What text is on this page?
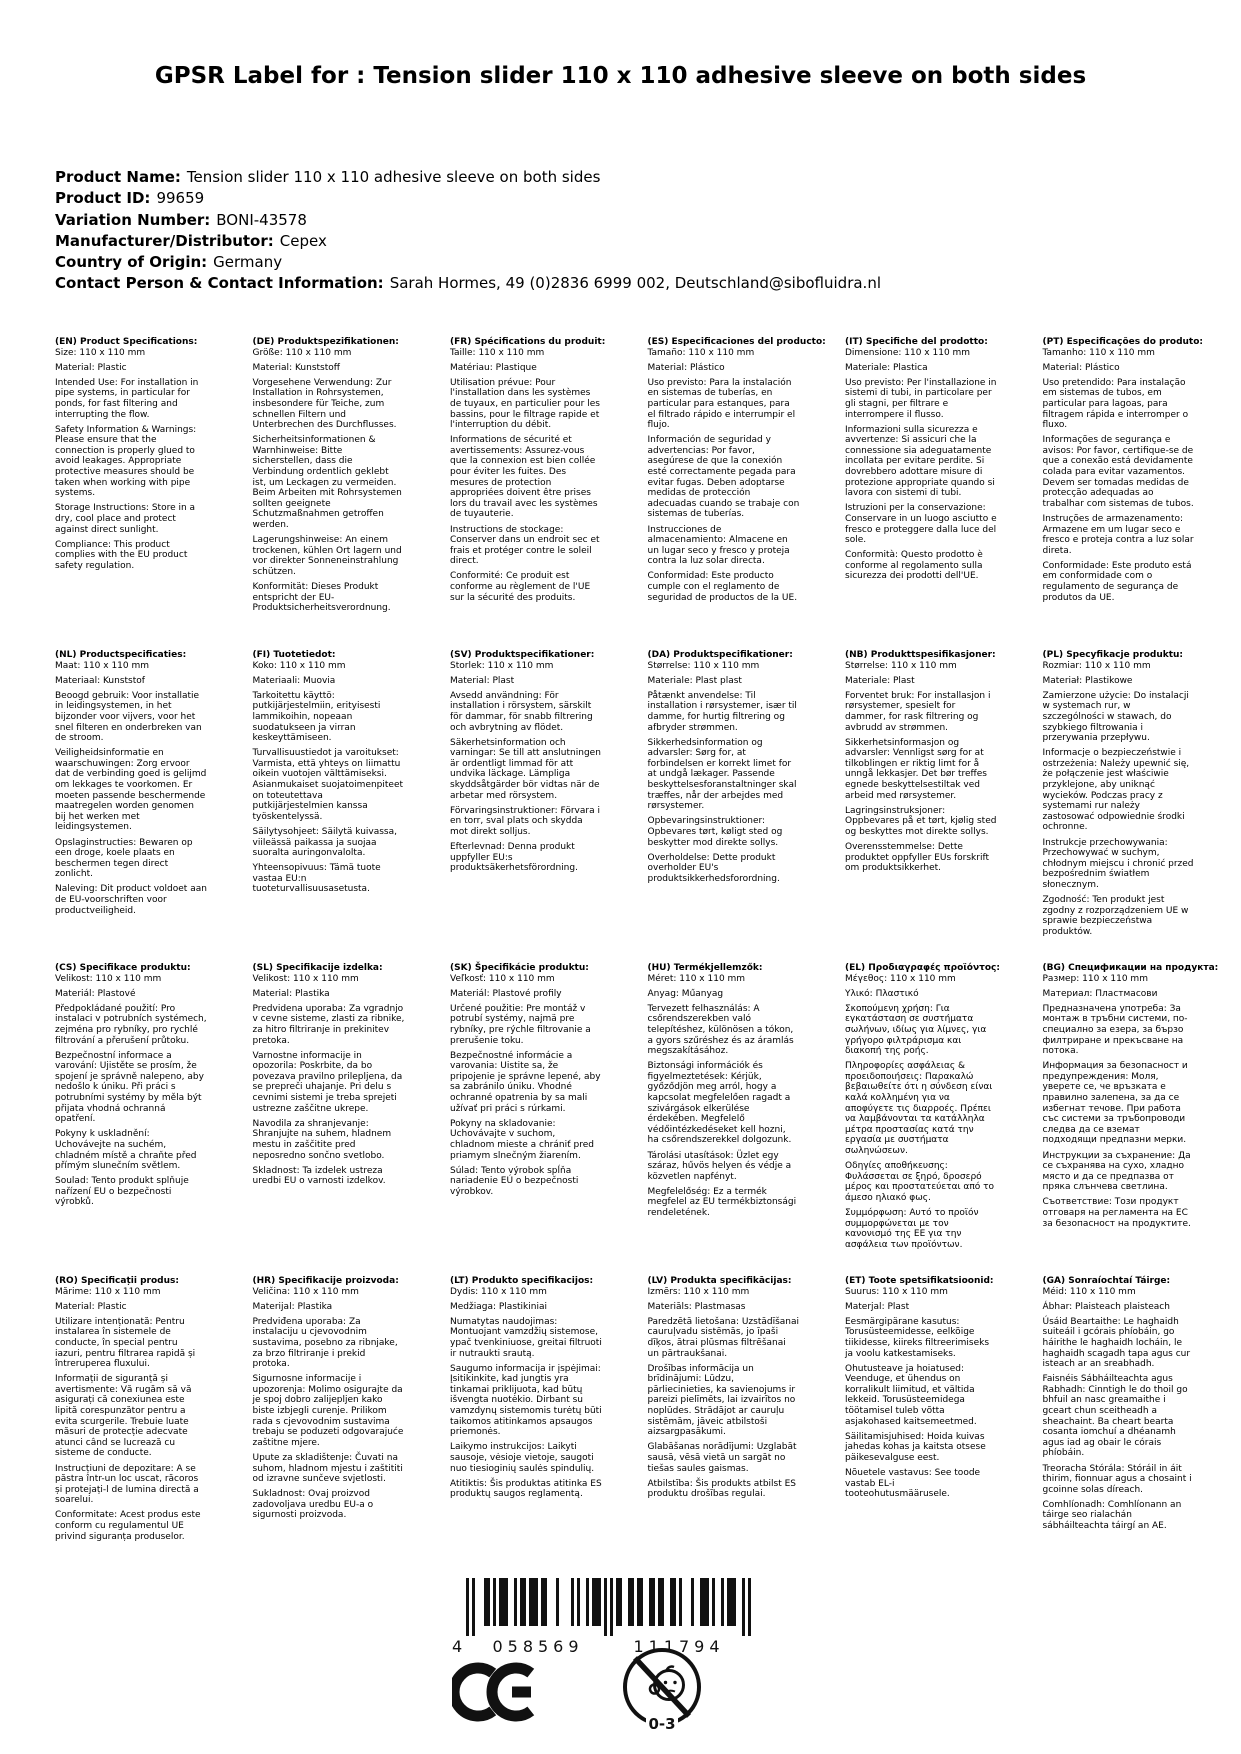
GPSR Label for : Tension slider 110 x 110 adhesive sleeve on both sides
Product Name: Tension slider 110 x 110 adhesive sleeve on both sides
Product ID: 99659
Variation Number: BONI-43578
Manufacturer/Distributor: Cepex
Country of Origin: Germany
Contact Person & Contact Information: Sarah Hormes, 49 (0)2836 6999 002, Deutschland@sibofluidra.nl
(EN) Product Specifications:

Size: 110 x 110 mm

Material: Plastic

Intended Use: For installation in pipe systems, in particular for ponds, for fast filtering and interrupting the flow.

Safety Information & Warnings: Please ensure that the connection is properly glued to avoid leakages. Appropriate protective measures should be taken when working with pipe systems.

Storage Instructions: Store in a dry, cool place and protect against direct sunlight.

Compliance: This product complies with the EU product safety regulation.

(DE) Produktspezifikationen:

Größe: 110 x 110 mm

Material: Kunststoff

Vorgesehene Verwendung: Zur Installation in Rohrsystemen, insbesondere für Teiche, zum schnellen Filtern und Unterbrechen des Durchflusses.

Sicherheitsinformationen & Warnhinweise: Bitte sicherstellen, dass die Verbindung ordentlich geklebt ist, um Leckagen zu vermeiden. Beim Arbeiten mit Rohrsystemen sollten geeignete Schutzmaßnahmen getroffen werden.

Lagerungshinweise: An einem trockenen, kühlen Ort lagern und vor direkter Sonneneinstrahlung schützen.

Konformität: Dieses Produkt entspricht der EU-Produktsicherheitsverordnung.

(FR) Spécifications du produit:

Taille: 110 x 110 mm

Matériau: Plastique

Utilisation prévue: Pour l'installation dans les systèmes de tuyaux, en particulier pour les bassins, pour le filtrage rapide et l'interruption du débit.

Informations de sécurité et avertissements: Assurez-vous que la connexion est bien collée pour éviter les fuites. Des mesures de protection appropriées doivent être prises lors du travail avec les systèmes de tuyauterie.

Instructions de stockage: Conserver dans un endroit sec et frais et protéger contre le soleil direct.

Conformité: Ce produit est conforme au règlement de l'UE sur la sécurité des produits.

(ES) Especificaciones del producto:

Tamaño: 110 x 110 mm

Material: Plástico

Uso previsto: Para la instalación en sistemas de tuberías, en particular para estanques, para el filtrado rápido e interrumpir el flujo.

Información de seguridad y advertencias: Por favor, asegúrese de que la conexión esté correctamente pegada para evitar fugas. Deben adoptarse medidas de protección adecuadas cuando se trabaje con sistemas de tuberías.

Instrucciones de almacenamiento: Almacene en un lugar seco y fresco y proteja contra la luz solar directa.

Conformidad: Este producto cumple con el reglamento de seguridad de productos de la UE.

(IT) Specifiche del prodotto:

Dimensione: 110 x 110 mm

Materiale: Plastica

Uso previsto: Per l'installazione in sistemi di tubi, in particolare per gli stagni, per filtrare e interrompere il flusso.

Informazioni sulla sicurezza e avvertenze: Si assicuri che la connessione sia adeguatamente incollata per evitare perdite. Si dovrebbero adottare misure di protezione appropriate quando si lavora con sistemi di tubi.

Istruzioni per la conservazione: Conservare in un luogo asciutto e fresco e proteggere dalla luce del sole.

Conformità: Questo prodotto è conforme al regolamento sulla sicurezza dei prodotti dell'UE.

(PT) Especificações do produto:

Tamanho: 110 x 110 mm

Material: Plástico

Uso pretendido: Para instalação em sistemas de tubos, em particular para lagoas, para filtragem rápida e interromper o fluxo.

Informações de segurança e avisos: Por favor, certifique-se de que a conexão está devidamente colada para evitar vazamentos. Devem ser tomadas medidas de protecção adequadas ao trabalhar com sistemas de tubos.

Instruções de armazenamento: Armazene em um lugar seco e fresco e proteja contra a luz solar direta.

Conformidade: Este produto está em conformidade com o regulamento de segurança de produtos da UE.

(NL) Productspecificaties:

Maat: 110 x 110 mm

Materiaal: Kunststof

Beoogd gebruik: Voor installatie in leidingsystemen, in het bijzonder voor vijvers, voor het snel filteren en onderbreken van de stroom.

Veiligheidsinformatie en waarschuwingen: Zorg ervoor dat de verbinding goed is gelijmd om lekkages te voorkomen. Er moeten passende beschermende maatregelen worden genomen bij het werken met leidingsystemen.

Opslaginstructies: Bewaren op een droge, koele plaats en beschermen tegen direct zonlicht.

Naleving: Dit product voldoet aan de EU-voorschriften voor productveiligheid.

(FI) Tuotetiedot:

Koko: 110 x 110 mm

Materiaali: Muovia

Tarkoitettu käyttö: putkijärjestelmiin, erityisesti lammikoihin, nopeaan suodatukseen ja virran keskeyttämiseen.

Turvallisuustiedot ja varoitukset: Varmista, että yhteys on liimattu oikein vuotojen välttämiseksi. Asianmukaiset suojatoimenpiteet on toteutettava putkijärjestelmien kanssa työskentelyssä.

Säilytysohjeet: Säilytä kuivassa, viileässä paikassa ja suojaa suoralta auringonvalolta.

Yhteensopivuus: Tämä tuote vastaa EU:n tuoteturvallisuusasetusta.

(SV) Produktspecifikationer:

Storlek: 110 x 110 mm

Material: Plast

Avsedd användning: För installation i rörsystem, särskilt för dammar, för snabb filtrering och avbrytning av flödet.

Säkerhetsinformation och varningar: Se till att anslutningen är ordentligt limmad för att undvika läckage. Lämpliga skyddsåtgärder bör vidtas när de arbetar med rörsystem.

Förvaringsinstruktioner: Förvara i en torr, sval plats och skydda mot direkt solljus.

Efterlevnad: Denna produkt uppfyller EU:s produktsäkerhetsförordning.

(DA) Produktspecifikationer:

Størrelse: 110 x 110 mm

Materiale: Plast plast

Påtænkt anvendelse: Til installation i rørsystemer, især til damme, for hurtig filtrering og afbryder strømmen.

Sikkerhedsinformation og advarsler: Sørg for, at forbindelsen er korrekt limet for at undgå lækager. Passende beskyttelsesforanstaltninger skal træffes, når der arbejdes med rørsystemer.

Opbevaringsinstruktioner: Opbevares tørt, køligt sted og beskytter mod direkte sollys.

Overholdelse: Dette produkt overholder EU's produktsikkerhedsforordning.

(NB) Produkttspesifikasjoner:

Størrelse: 110 x 110 mm

Materiale: Plast

Forventet bruk: For installasjon i rørsystemer, spesielt for dammer, for rask filtrering og avbrudd av strømmen.

Sikkerhetsinformasjon og advarsler: Vennligst sørg for at tilkoblingen er riktig limt for å unngå lekkasjer. Det bør treffes egnede beskyttelsestiltak ved arbeid med rørsystemer.

Lagringsinstruksjoner: Oppbevares på et tørt, kjølig sted og beskyttes mot direkte sollys.

Overensstemmelse: Dette produktet oppfyller EUs forskrift om produktsikkerhet.

(PL) Specyfikacje produktu:

Rozmiar: 110 x 110 mm

Materiał: Plastikowe

Zamierzone użycie: Do instalacji w systemach rur, w szczególności w stawach, do szybkiego filtrowania i przerywania przepływu.

Informacje o bezpieczeństwie i ostrzeżenia: Należy upewnić się, że połączenie jest właściwie przyklejone, aby uniknąć wycieków. Podczas pracy z systemami rur należy zastosować odpowiednie środki ochronne.

Instrukcje przechowywania: Przechowywać w suchym, chłodnym miejscu i chronić przed bezpośrednim światłem słonecznym.

Zgodność: Ten produkt jest zgodny z rozporządzeniem UE w sprawie bezpieczeństwa produktów.

(CS) Specifikace produktu:

Velikost: 110 x 110 mm

Materiál: Plastové

Předpokládané použití: Pro instalaci v potrubních systémech, zejména pro rybníky, pro rychlé filtrování a přerušení průtoku.

Bezpečnostní informace a varování: Ujistěte se prosím, že spojení je správně nalepeno, aby nedošlo k úniku. Při práci s potrubními systémy by měla být přijata vhodná ochranná opatření.

Pokyny k uskladnění: Uchovávejte na suchém, chladném místě a chraňte před přímým slunečním světlem.

Soulad: Tento produkt splňuje nařízení EU o bezpečnosti výrobků.

(SL) Specifikacije izdelka:

Velikost: 110 x 110 mm

Material: Plastika

Predvidena uporaba: Za vgradnjo v cevne sisteme, zlasti za ribnike, za hitro filtriranje in prekinitev pretoka.

Varnostne informacije in opozorila: Poskrbite, da bo povezava pravilno prilepljena, da se prepreči uhajanje. Pri delu s cevnimi sistemi je treba sprejeti ustrezne zaščitne ukrepe.

Navodila za shranjevanje: Shranjujte na suhem, hladnem mestu in zaščitite pred neposredno sončno svetlobo.

Skladnost: Ta izdelek ustreza uredbi EU o varnosti izdelkov.

(SK) Špecifikácie produktu:

Veľkosť: 110 x 110 mm

Materiál: Plastové profily

Určené použitie: Pre montáž v potrubí systémy, najmä pre rybníky, pre rýchle filtrovanie a prerušenie toku.

Bezpečnostné informácie a varovania: Uistite sa, že pripojenie je správne lepené, aby sa zabránilo úniku. Vhodné ochranné opatrenia by sa mali užívať pri práci s rúrkami.

Pokyny na skladovanie: Uchovávajte v suchom, chladnom mieste a chrániť pred priamym slnečným žiarením.

Súlad: Tento výrobok spĺňa nariadenie EÚ o bezpečnosti výrobkov.

(HU) Termékjellemzők:

Méret: 110 x 110 mm

Anyag: Műanyag

Tervezett felhasználás: A csőrendszerekben való telepítéshez, különösen a tókon, a gyors szűréshez és az áramlás megszakításához.

Biztonsági információk és figyelmeztetések: Kérjük, győződjön meg arról, hogy a kapcsolat megfelelően ragadt a szivárgások elkerülése érdekében. Megfelelő védőintézkedéseket kell hozni, ha csőrendszerekkel dolgozunk.

Tárolási utasítások: Üzlet egy száraz, hűvös helyen és védje a közvetlen napfényt.

Megfelelőség: Ez a termék megfelel az EU termékbiztonsági rendeletének.

(EL) Προδιαγραφές προϊόντος:

Μέγεθος: 110 x 110 mm

Υλικό: Πλαστικό

Σκοπούμενη χρήση: Για εγκατάσταση σε συστήματα σωλήνων, ιδίως για λίμνες, για γρήγορο φιλτράρισμα και διακοπή της ροής.

Πληροφορίες ασφάλειας & προειδοποιήσεις: Παρακαλώ βεβαιωθείτε ότι η σύνδεση είναι καλά κολλημένη για να αποφύγετε τις διαρροές. Πρέπει να λαμβάνονται τα κατάλληλα μέτρα προστασίας κατά την εργασία με συστήματα σωληνώσεων.

Οδηγίες αποθήκευσης: Φυλάσσεται σε ξηρό, δροσερό μέρος και προστατεύεται από το άμεσο ηλιακό φως.

Συμμόρφωση: Αυτό το προϊόν συμμορφώνεται με τον κανονισμό της ΕΕ για την ασφάλεια των προϊόντων.

(BG) Спецификации на продукта:

Размер: 110 x 110 mm

Материал: Пластмасови

Предназначена употреба: За монтаж в тръбни системи, по-специално за езера, за бързо филтриране и прекъсване на потока.

Информация за безопасност и предупреждения: Моля, уверете се, че връзката е правилно залепена, за да се избегнат течове. При работа със системи за тръбопроводи следва да се вземат подходящи предпазни мерки.

Инструкции за съхранение: Да се съхранява на сухо, хладно място и да се предпазва от пряка слънчева светлина.

Съответствие: Този продукт отговаря на регламента на ЕС за безопасност на продуктите.

(RO) Specificații produs:

Mărime: 110 x 110 mm

Material: Plastic

Utilizare intenționată: Pentru instalarea în sistemele de conducte, în special pentru iazuri, pentru filtrarea rapidă și întreruperea fluxului.

Informații de siguranță și avertismente: Vă rugăm să vă asigurați că conexiunea este lipită corespunzător pentru a evita scurgerile. Trebuie luate măsuri de protecție adecvate atunci când se lucrează cu sisteme de conducte.

Instrucțiuni de depozitare: A se păstra într-un loc uscat, răcoros și protejați-l de lumina directă a soarelui.

Conformitate: Acest produs este conform cu regulamentul UE privind siguranța produselor.

(HR) Specifikacije proizvoda:

Veličina: 110 x 110 mm

Materijal: Plastika

Predviđena uporaba: Za instalaciju u cjevovodnim sustavima, posebno za ribnjake, za brzo filtriranje i prekid protoka.

Sigurnosne informacije i upozorenja: Molimo osigurajte da je spoj dobro zalijepljen kako biste izbjegli curenje. Prilikom rada s cjevovodnim sustavima trebaju se poduzeti odgovarajuće zaštitne mjere.

Upute za skladištenje: Čuvati na suhom, hladnom mjestu i zaštititi od izravne sunčeve svjetlosti.

Sukladnost: Ovaj proizvod zadovoljava uredbu EU-a o sigurnosti proizvoda.

(LT) Produkto specifikacijos:

Dydis: 110 x 110 mm

Medžiaga: Plastikiniai

Numatytas naudojimas: Montuojant vamzdžių sistemose, ypač tvenkiniuose, greitai filtruoti ir nutraukti srautą.

Saugumo informacija ir įspėjimai: Įsitikinkite, kad jungtis yra tinkamai priklijuota, kad būtų išvengta nuotėkio. Dirbant su vamzdynų sistemomis turėtų būti taikomos atitinkamos apsaugos priemonės.

Laikymo instrukcijos: Laikyti sausoje, vėsioje vietoje, saugoti nuo tiesioginių saulės spindulių.

Atitiktis: Šis produktas atitinka ES produktų saugos reglamentą.

(LV) Produkta specifikācijas:

Izmērs: 110 x 110 mm

Materiāls: Plastmasas

Paredzētā lietošana: Uzstādīšanai cauruļvadu sistēmās, jo īpaši dīķos, ātrai plūsmas filtrēšanai un pārtraukšanai.

Drošības informācija un brīdinājumi: Lūdzu, pārliecinieties, ka savienojums ir pareizi pielīmēts, lai izvairītos no noplūdes. Strādājot ar cauruļu sistēmām, jāveic atbilstoši aizsargpasākumi.

Glabāšanas norādījumi: Uzglabāt sausā, vēsā vietā un sargāt no tiešas saules gaismas.

Atbilstība: Šis produkts atbilst ES produktu drošības regulai.

(ET) Toote spetsifikatsioonid:

Suurus: 110 x 110 mm

Materjal: Plast

Eesmärgipärane kasutus: Torusüsteemidesse, eelkõige tiikidesse, kiireks filtreerimiseks ja voolu katkestamiseks.

Ohutusteave ja hoiatused: Veenduge, et ühendus on korralikult liimitud, et vältida lekkeid. Torusüsteemidega töötamisel tuleb võtta asjakohased kaitsemeetmed.

Säilitamisjuhised: Hoida kuivas jahedas kohas ja kaitsta otsese päikesevalguse eest.

Nõuetele vastavus: See toode vastab EL-i tooteohutusmäärusele.

(GA) Sonraíochtaí Táirge:

Méid: 110 x 110 mm

Ábhar: Plaisteach plaisteach

Úsáid Beartaithe: Le haghaidh suiteáil i gcórais phíobáin, go háirithe le haghaidh locháin, le haghaidh scagadh tapa agus cur isteach ar an sreabhadh.

Faisnéis Sábháilteachta agus Rabhadh: Cinntigh le do thoil go bhfuil an nasc greamaithe i gceart chun sceitheadh a sheachaint. Ba cheart bearta cosanta iomchuí a dhéanamh agus iad ag obair le córais phíobáin.

Treoracha Stórála: Stóráil in áit thirim, fionnuar agus a chosaint i gcoinne solas díreach.

Comhlíonadh: Comhlíonann an táirge seo rialachán sábháilteachta táirgí an AE.

4 058569	111794
0-3
